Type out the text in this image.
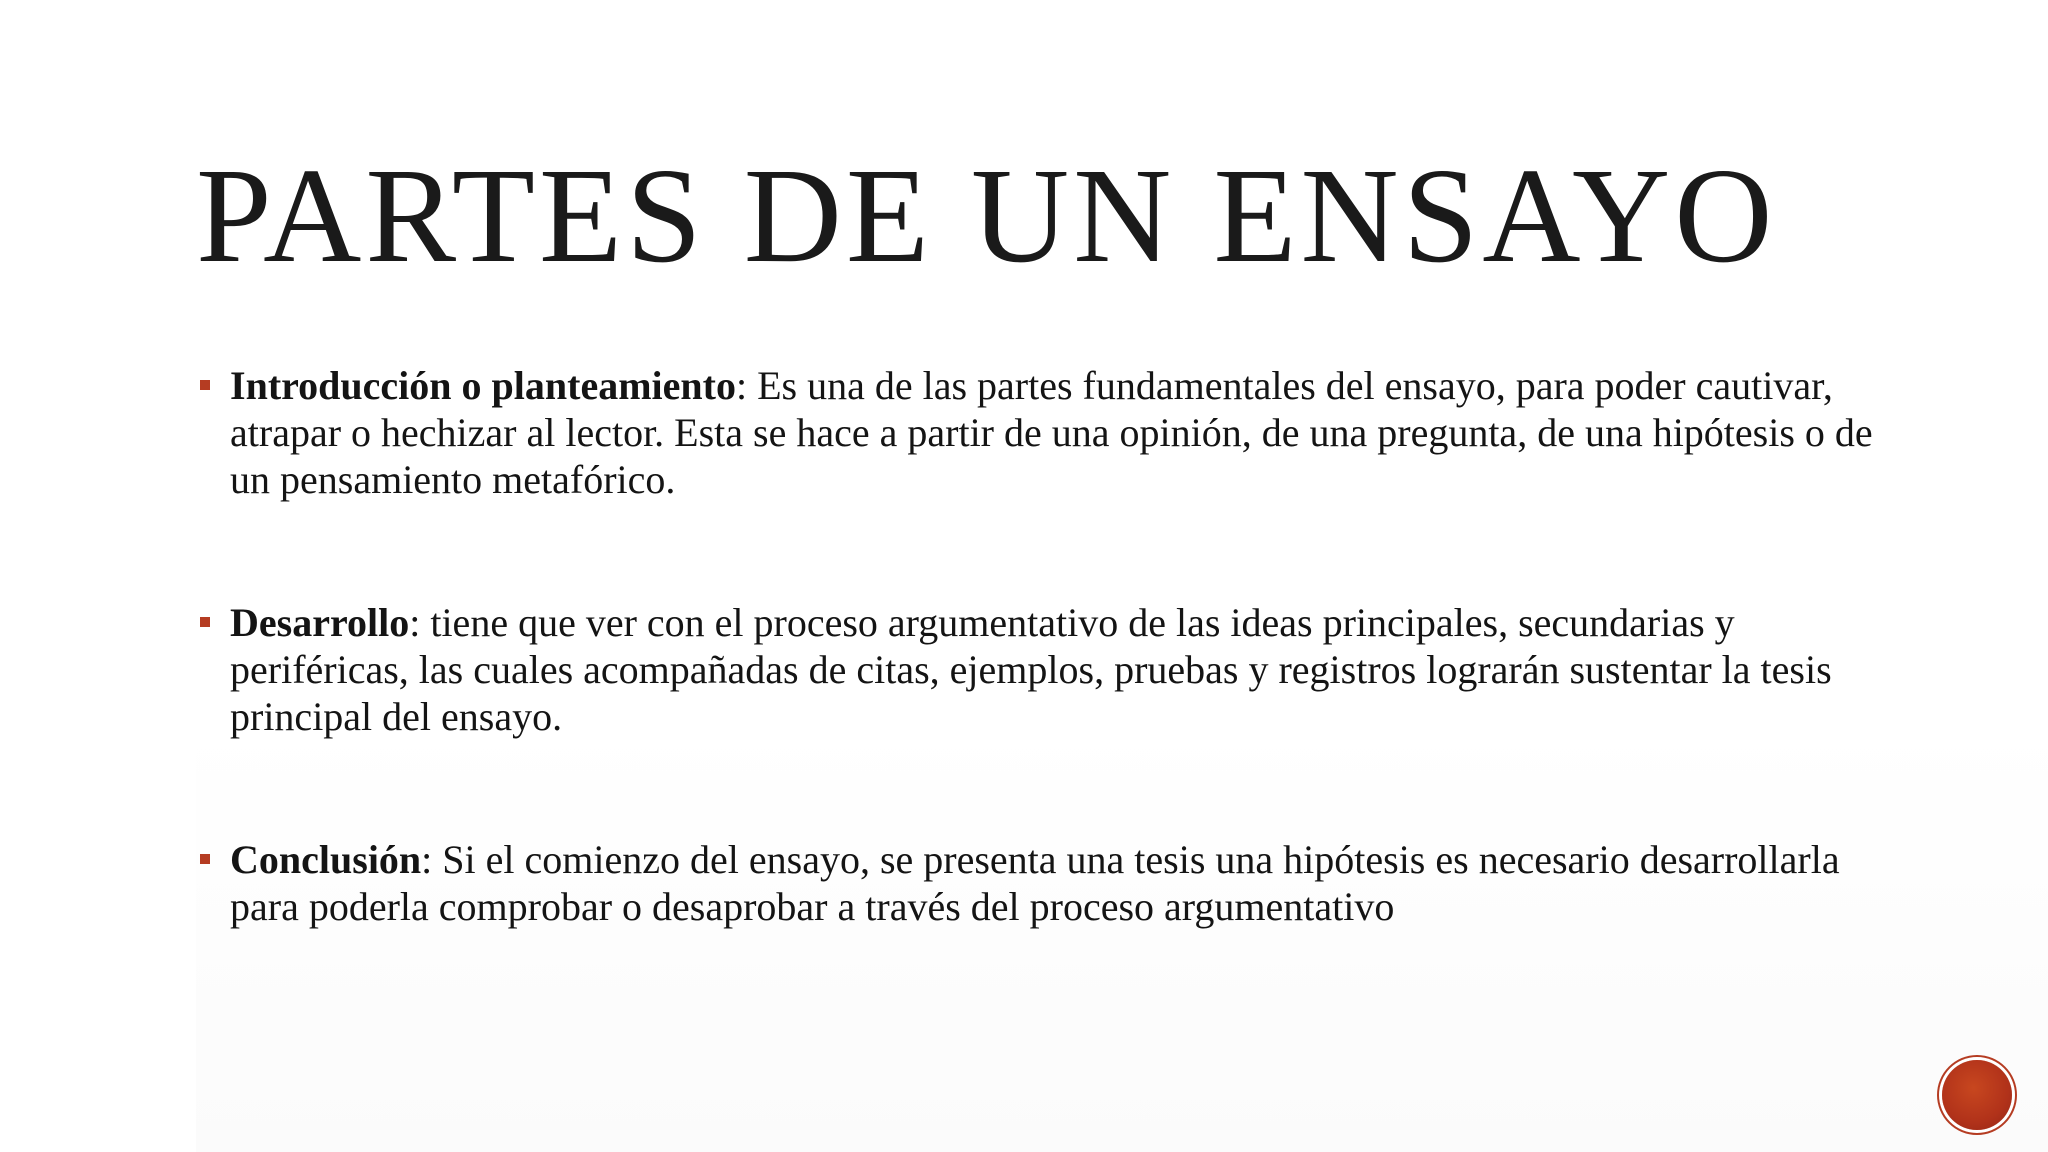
PARTES DE UN ENSAYO
Introducción o planteamiento: Es una de las partes fundamentales del ensayo, para poder cautivar, atrapar o hechizar al lector. Esta se hace a partir de una opinión, de una pregunta, de una hipótesis o de un pensamiento metafórico.
Desarrollo: tiene que ver con el proceso argumentativo de las ideas principales, secundarias y periféricas, las cuales acompañadas de citas, ejemplos, pruebas y registros lograrán sustentar la tesis principal del ensayo.
Conclusión: Si el comienzo del ensayo, se presenta una tesis una hipótesis es necesario desarrollarla para poderla comprobar o desaprobar a través del proceso argumentativo
